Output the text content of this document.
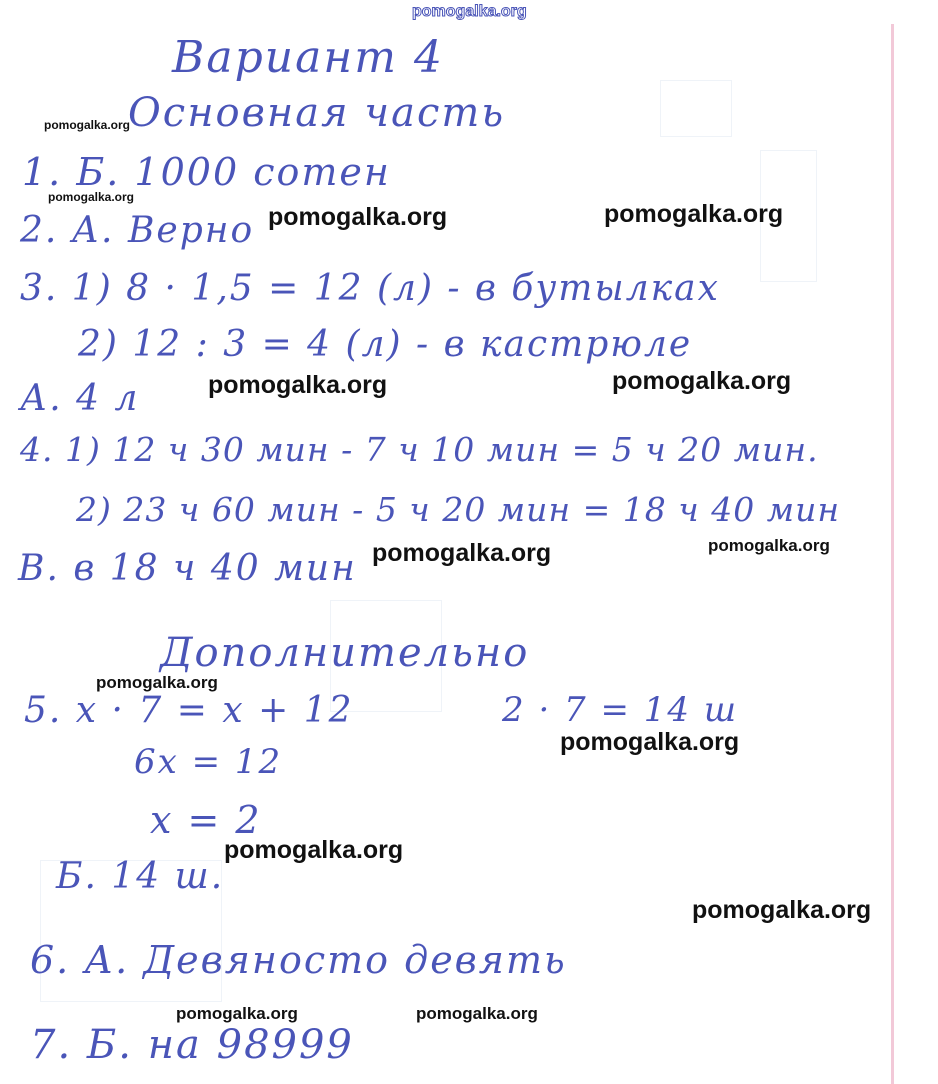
pomogalka.org
Вариант 4
Основная часть
1. Б. 1000 сотен
2. А. Верно
3. 1) 8 · 1,5 = 12 (л) - в бутылках
2) 12 : 3 = 4 (л) - в кастрюле
А. 4 л
4. 1) 12 ч 30 мин - 7 ч 10 мин = 5 ч 20 мин.
2) 23 ч 60 мин - 5 ч 20 мин = 18 ч 40 мин
В. в 18 ч 40 мин
Дополнительно
5. х · 7 = х + 12	2 · 7 = 14 ш
6х = 12
х = 2
Б. 14 ш.
6. А. Девяносто девять
7. Б. на 98999
pomogalka.org
pomogalka.org
pomogalka.org	pomogalka.org
pomogalka.org	pomogalka.org
pomogalka.org	pomogalka.org
pomogalka.org
pomogalka.org
pomogalka.org
pomogalka.org
pomogalka.org	pomogalka.org
